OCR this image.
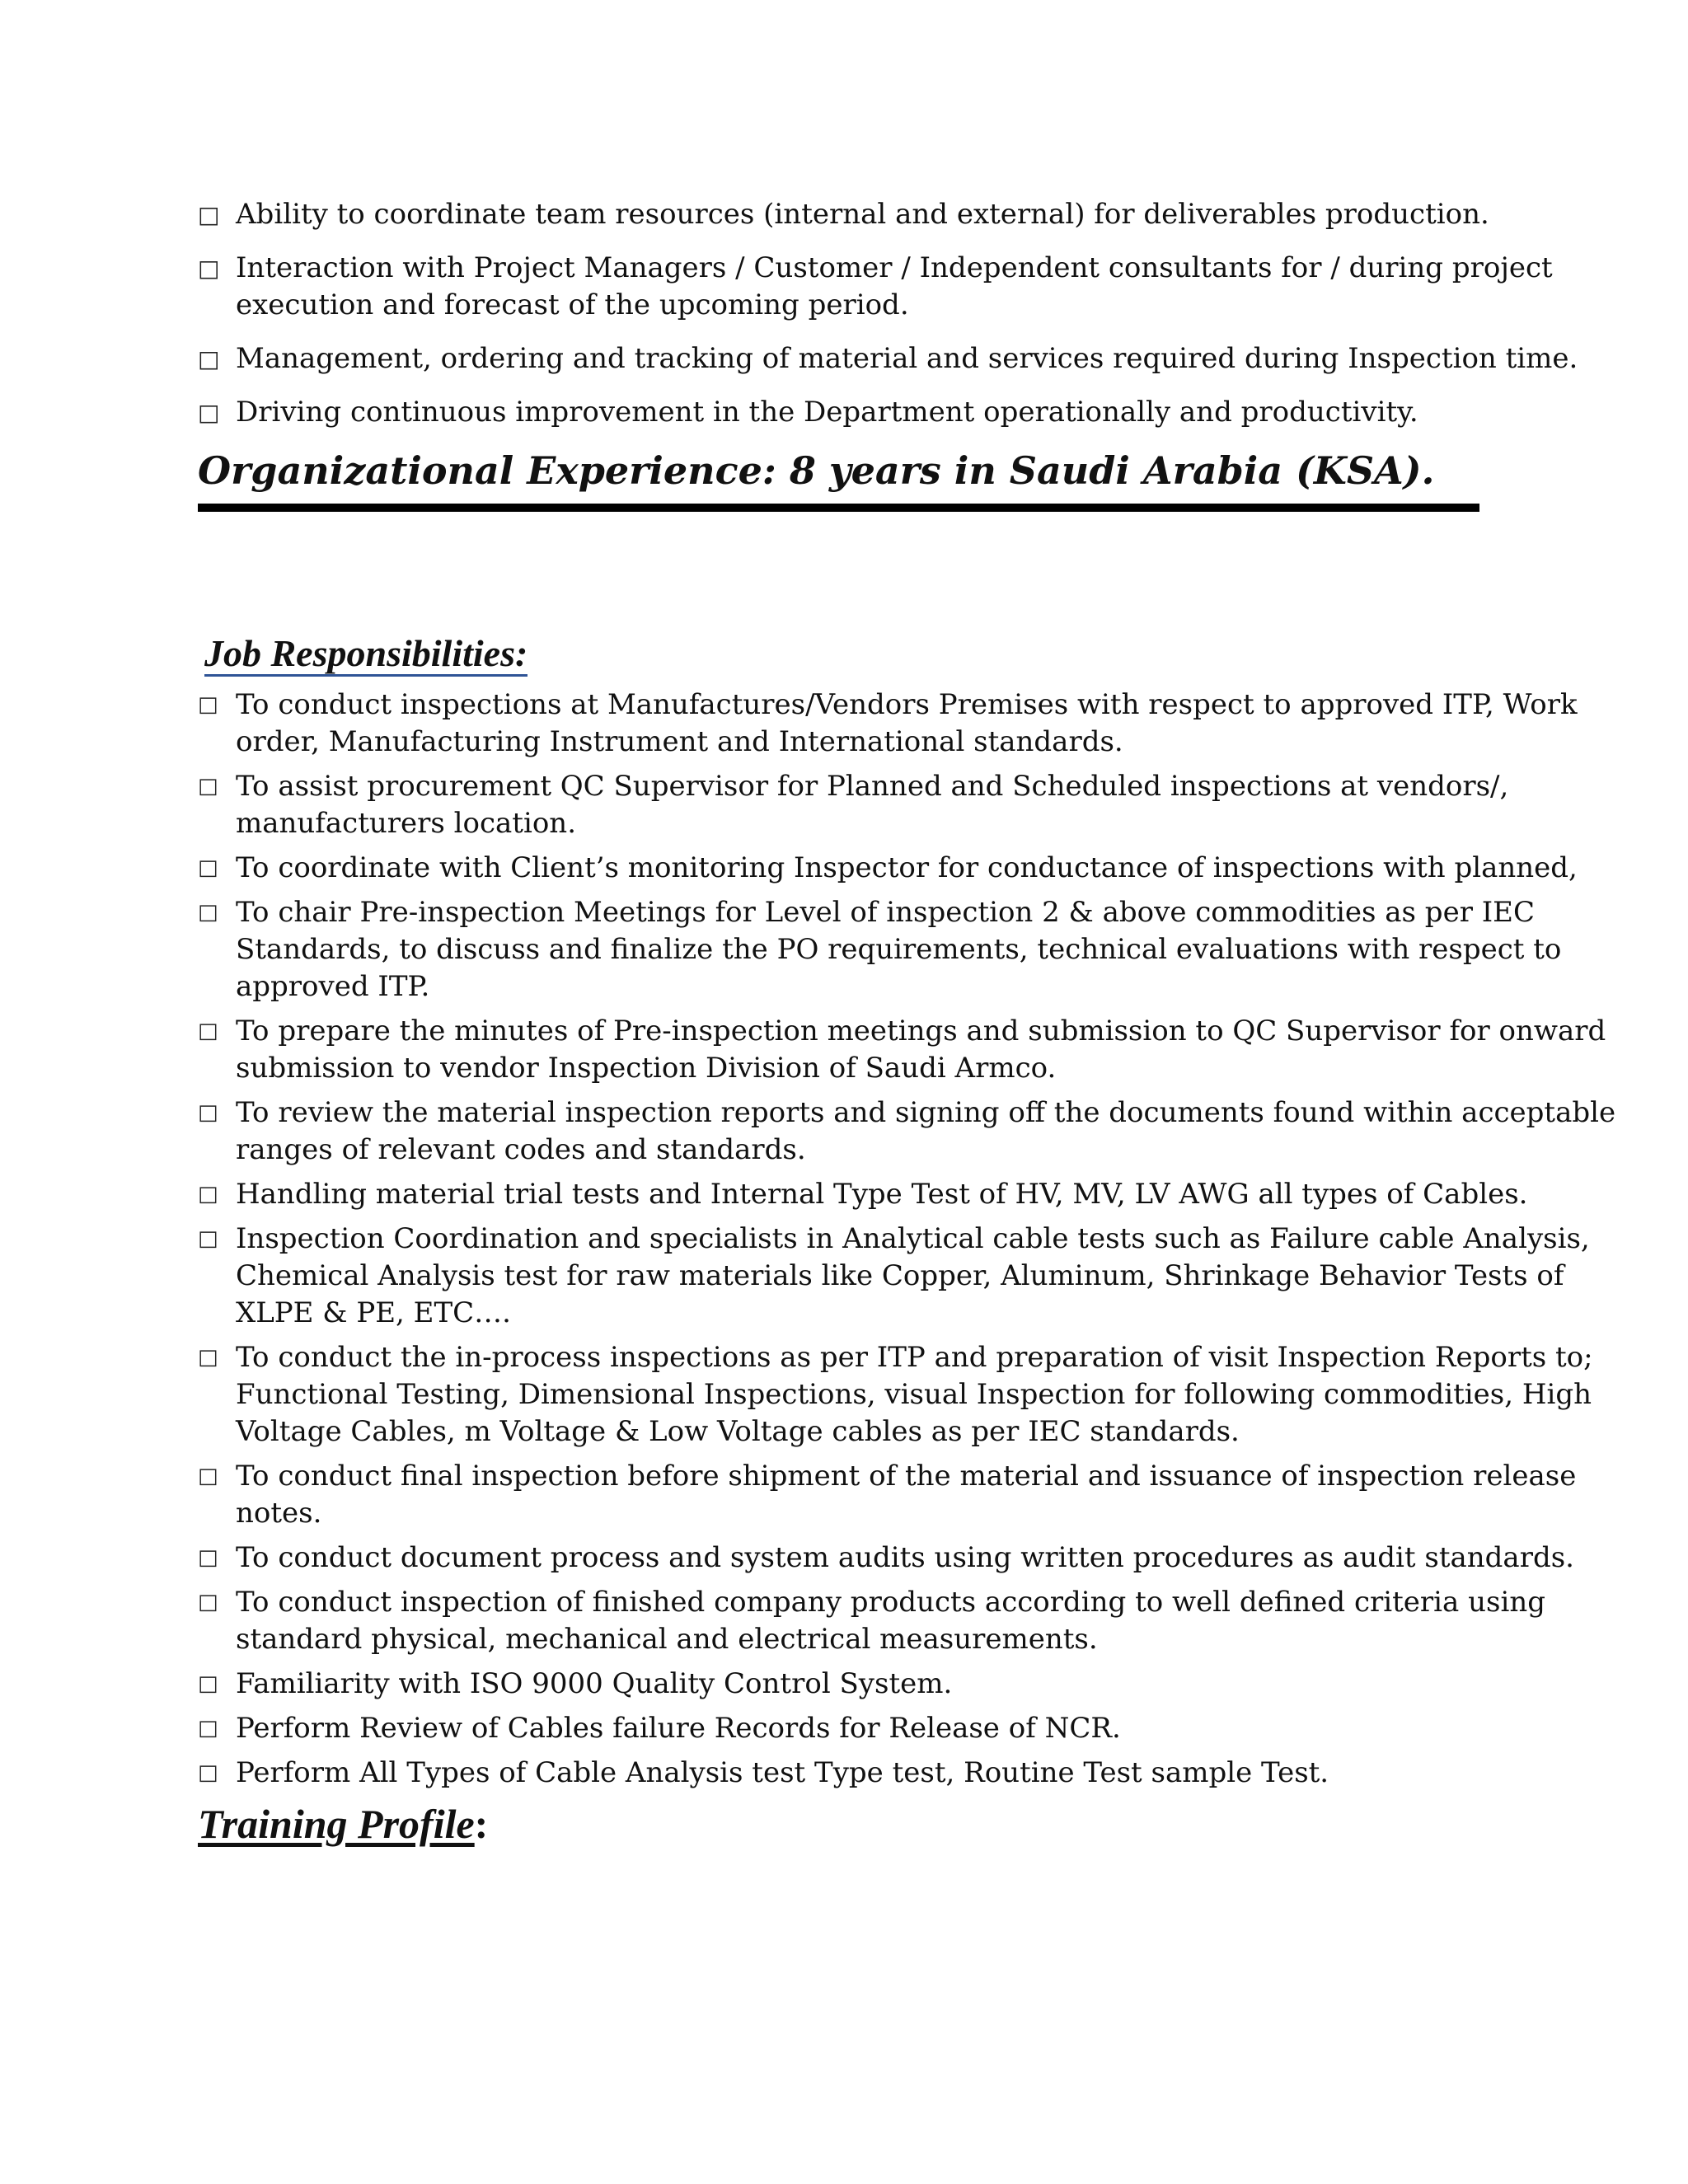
□ Ability to coordinate team resources (internal and external) for deliverables production.
□ Interaction with Project Managers / Customer / Independent consultants for / during project execution and forecast of the upcoming period.
□ Management, ordering and tracking of material and services required during Inspection time.
□ Driving continuous improvement in the Department operationally and productivity.
Organizational Experience: 8 years in Saudi Arabia (KSA).
Job Responsibilities:
□ To conduct inspections at Manufactures/Vendors Premises with respect to approved ITP, Work order, Manufacturing Instrument and International standards.
□ To assist procurement QC Supervisor for Planned and Scheduled inspections at vendors/, manufacturers location.
□ To coordinate with Client’s monitoring Inspector for conductance of inspections with planned,
□ To chair Pre-inspection Meetings for Level of inspection 2 & above commodities as per IEC Standards, to discuss and finalize the PO requirements, technical evaluations with respect to approved ITP.
□ To prepare the minutes of Pre-inspection meetings and submission to QC Supervisor for onward submission to vendor Inspection Division of Saudi Armco.
□ To review the material inspection reports and signing off the documents found within acceptable ranges of relevant codes and standards.
□ Handling material trial tests and Internal Type Test of HV, MV, LV AWG all types of Cables.
□ Inspection Coordination and specialists in Analytical cable tests such as Failure cable Analysis, Chemical Analysis test for raw materials like Copper, Aluminum, Shrinkage Behavior Tests of XLPE & PE, ETC….
□ To conduct the in-process inspections as per ITP and preparation of visit Inspection Reports to; Functional Testing, Dimensional Inspections, visual Inspection for following commodities, High Voltage Cables, m Voltage & Low Voltage cables as per IEC standards.
□ To conduct final inspection before shipment of the material and issuance of inspection release notes.
□ To conduct document process and system audits using written procedures as audit standards.
□ To conduct inspection of finished company products according to well defined criteria using standard physical, mechanical and electrical measurements.
□ Familiarity with ISO 9000 Quality Control System.
□ Perform Review of Cables failure Records for Release of NCR.
□ Perform All Types of Cable Analysis test Type test, Routine Test sample Test.
Training Profile:
